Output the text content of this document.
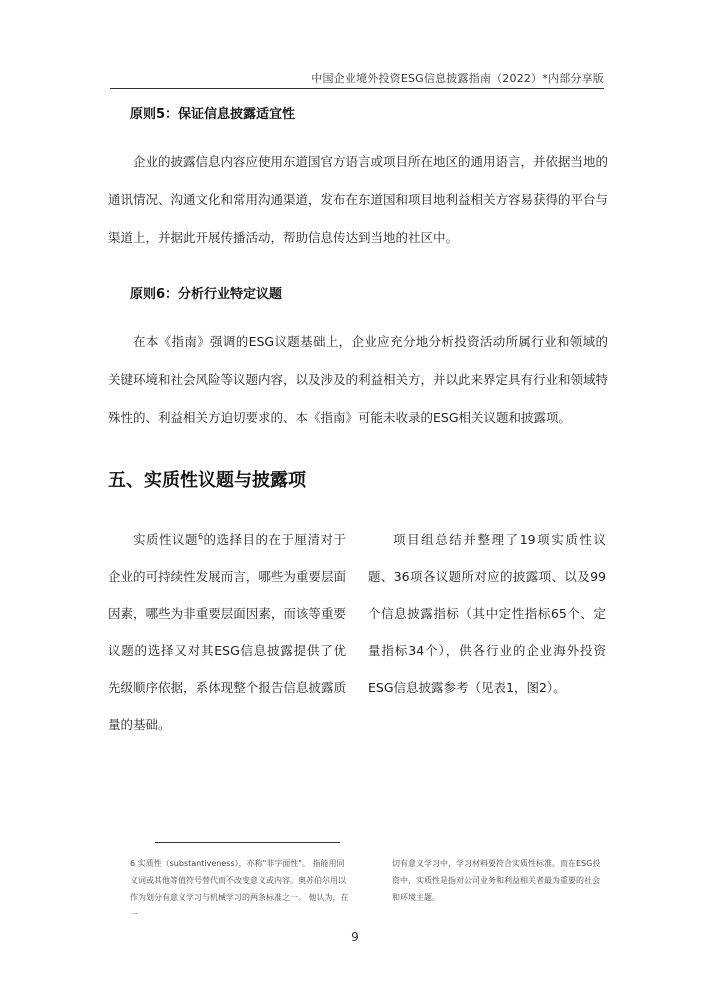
中国企业境外投资ESG信息披露指南（2022）*内部分享版
原则5：保证信息披露适宜性

企业的披露信息内容应使用东道国官方语言或项目所在地区的通用语言，并依据当地的通讯情况、沟通文化和常用沟通渠道，发布在东道国和项目地利益相关方容易获得的平台与渠道上，并据此开展传播活动，帮助信息传达到当地的社区中。

原则6：分析行业特定议题

在本《指南》强调的ESG议题基础上，企业应充分地分析投资活动所属行业和领域的关键环境和社会风险等议题内容，以及涉及的利益相关方，并以此来界定具有行业和领域特殊性的、利益相关方迫切要求的、本《指南》可能未收录的ESG相关议题和披露项。

五、实质性议题与披露项

实质性议题$^6$的选择目的在于厘清对于企业的可持续性发展而言，哪些为重要层面因素，哪些为非重要层面因素，而该等重要议题的选择又对其ESG信息披露提供了优先级顺序依据，系体现整个报告信息披露质量的基础。

项目组总结并整理了19项实质性议题、36项各议题所对应的披露项、以及99个信息披露指标（其中定性指标65个、定量指标34个），供各行业的企业海外投资ESG信息披露参考（见表1，图2）。

6 实质性（substantiveness），亦称"非字面性"。 指能用同义词或其他等值符号替代而不改变意义或内容。奥苏伯尔用以作为划分有意义学习与机械学习的两条标准之一。 他认为，在一

切有意义学习中，学习材料要符合实质性标准。而在ESG投资中，实质性是指对公司业务和利益相关者最为重要的社会和环境主题。

9
